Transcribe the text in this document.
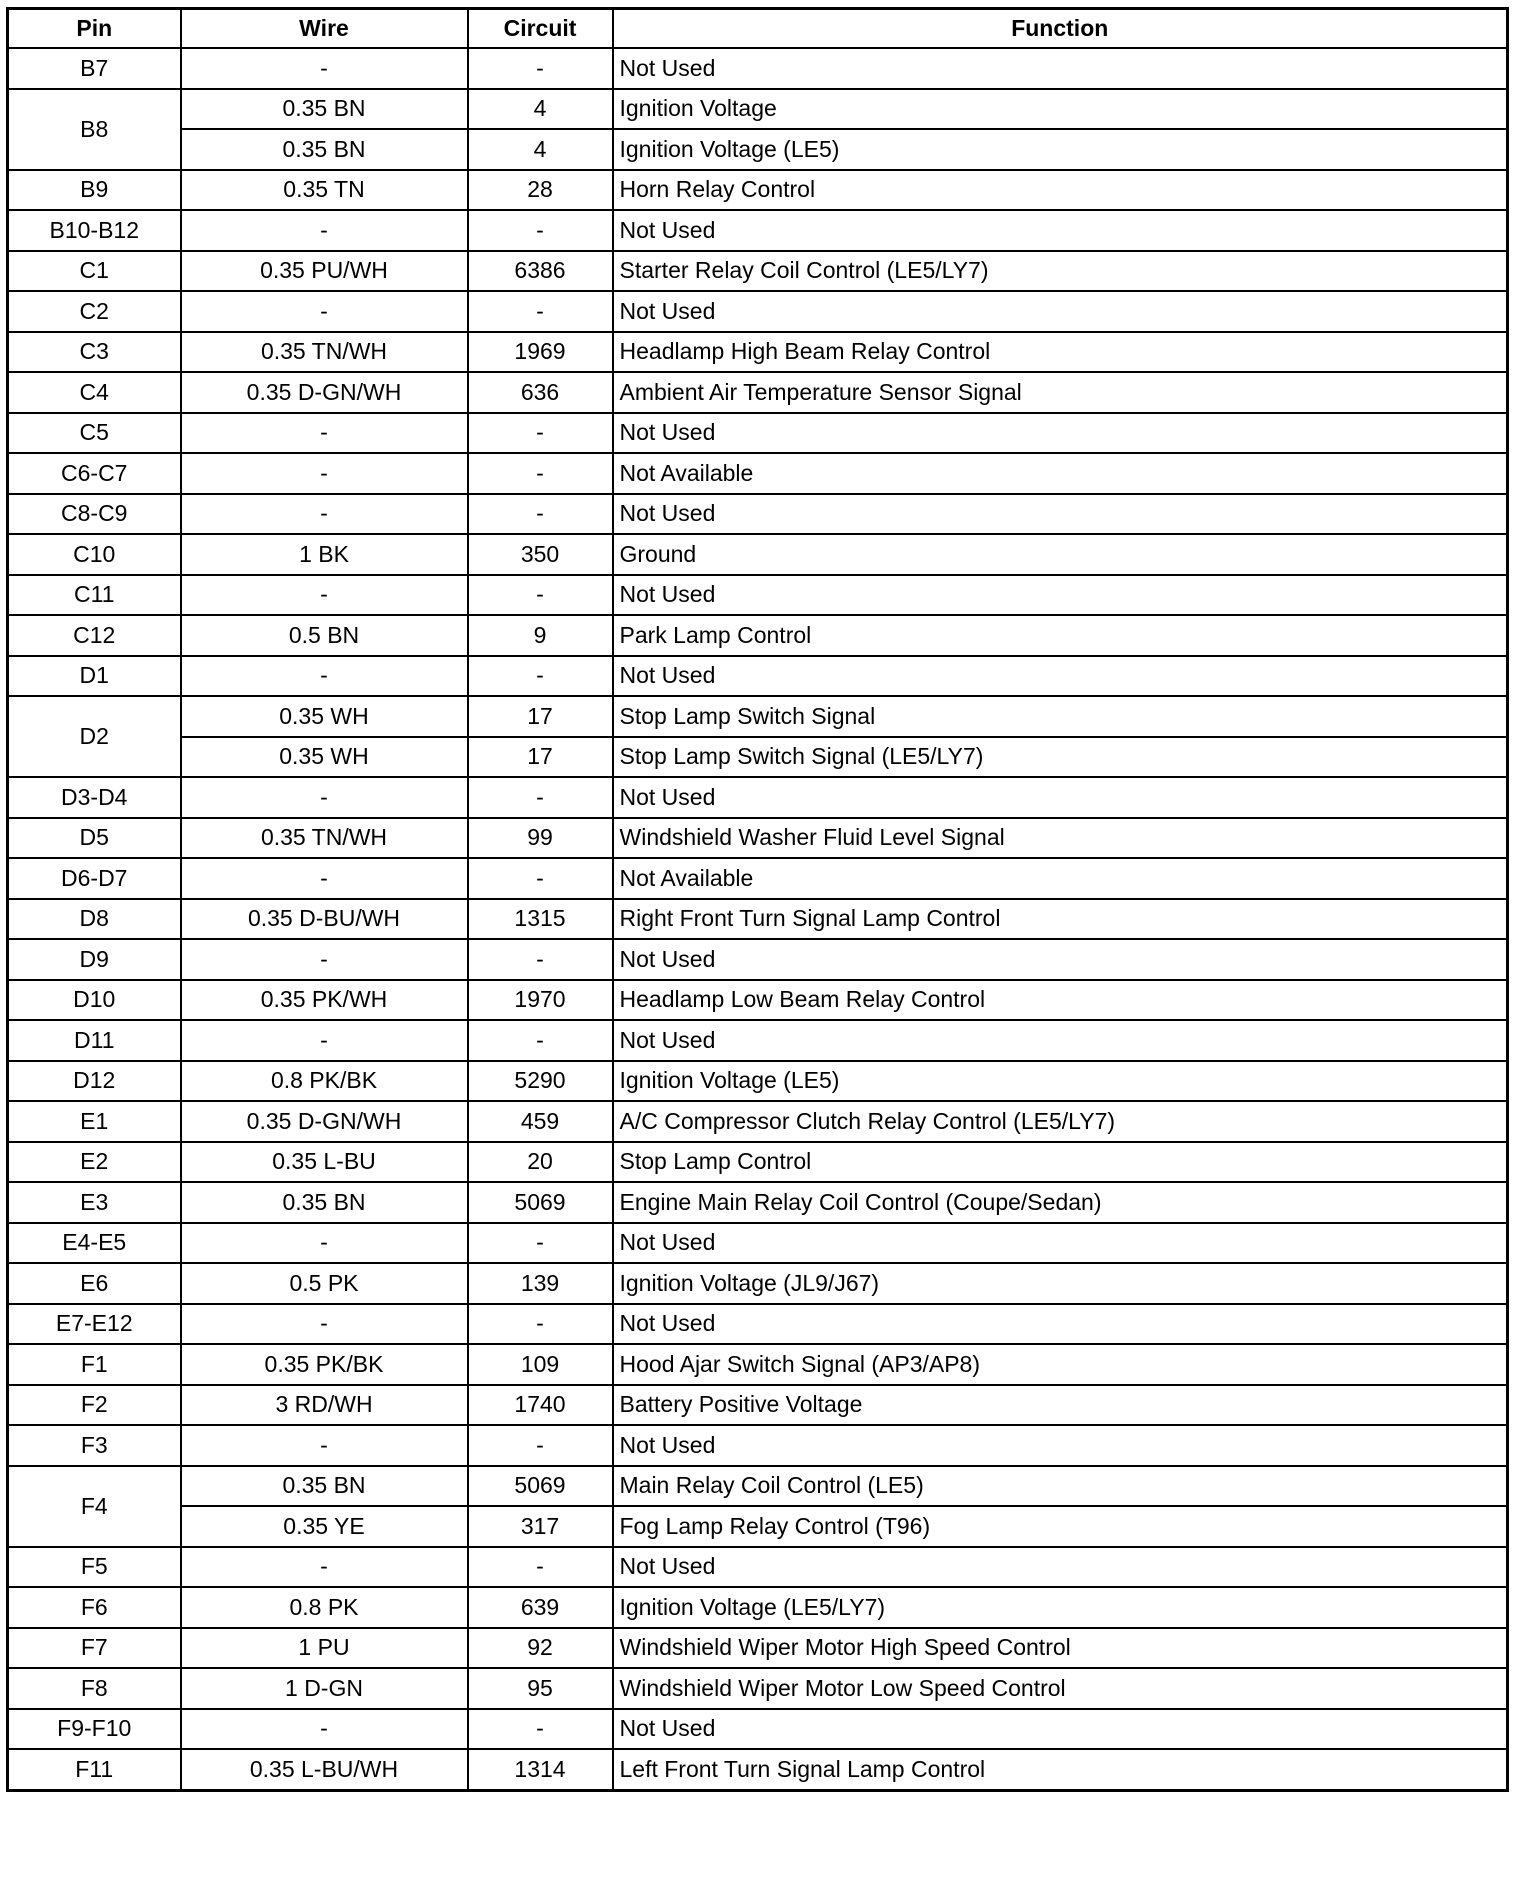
Pin	Wire	Circuit	Function
B7	-	-	Not Used
B8	0.35 BN	4	Ignition Voltage
	0.35 BN	4	Ignition Voltage (LE5)
B9	0.35 TN	28	Horn Relay Control
B10-B12	-	-	Not Used
C1	0.35 PU/WH	6386	Starter Relay Coil Control (LE5/LY7)
C2	-	-	Not Used
C3	0.35 TN/WH	1969	Headlamp High Beam Relay Control
C4	0.35 D-GN/WH	636	Ambient Air Temperature Sensor Signal
C5	-	-	Not Used
C6-C7	-	-	Not Available
C8-C9	-	-	Not Used
C10	1 BK	350	Ground
C11	-	-	Not Used
C12	0.5 BN	9	Park Lamp Control
D1	-	-	Not Used
D2	0.35 WH	17	Stop Lamp Switch Signal
	0.35 WH	17	Stop Lamp Switch Signal (LE5/LY7)
D3-D4	-	-	Not Used
D5	0.35 TN/WH	99	Windshield Washer Fluid Level Signal
D6-D7	-	-	Not Available
D8	0.35 D-BU/WH	1315	Right Front Turn Signal Lamp Control
D9	-	-	Not Used
D10	0.35 PK/WH	1970	Headlamp Low Beam Relay Control
D11	-	-	Not Used
D12	0.8 PK/BK	5290	Ignition Voltage (LE5)
E1	0.35 D-GN/WH	459	A/C Compressor Clutch Relay Control (LE5/LY7)
E2	0.35 L-BU	20	Stop Lamp Control
E3	0.35 BN	5069	Engine Main Relay Coil Control (Coupe/Sedan)
E4-E5	-	-	Not Used
E6	0.5 PK	139	Ignition Voltage (JL9/J67)
E7-E12	-	-	Not Used
F1	0.35 PK/BK	109	Hood Ajar Switch Signal (AP3/AP8)
F2	3 RD/WH	1740	Battery Positive Voltage
F3	-	-	Not Used
F4	0.35 BN	5069	Main Relay Coil Control (LE5)
	0.35 YE	317	Fog Lamp Relay Control (T96)
F5	-	-	Not Used
F6	0.8 PK	639	Ignition Voltage (LE5/LY7)
F7	1 PU	92	Windshield Wiper Motor High Speed Control
F8	1 D-GN	95	Windshield Wiper Motor Low Speed Control
F9-F10	-	-	Not Used
F11	0.35 L-BU/WH	1314	Left Front Turn Signal Lamp Control
